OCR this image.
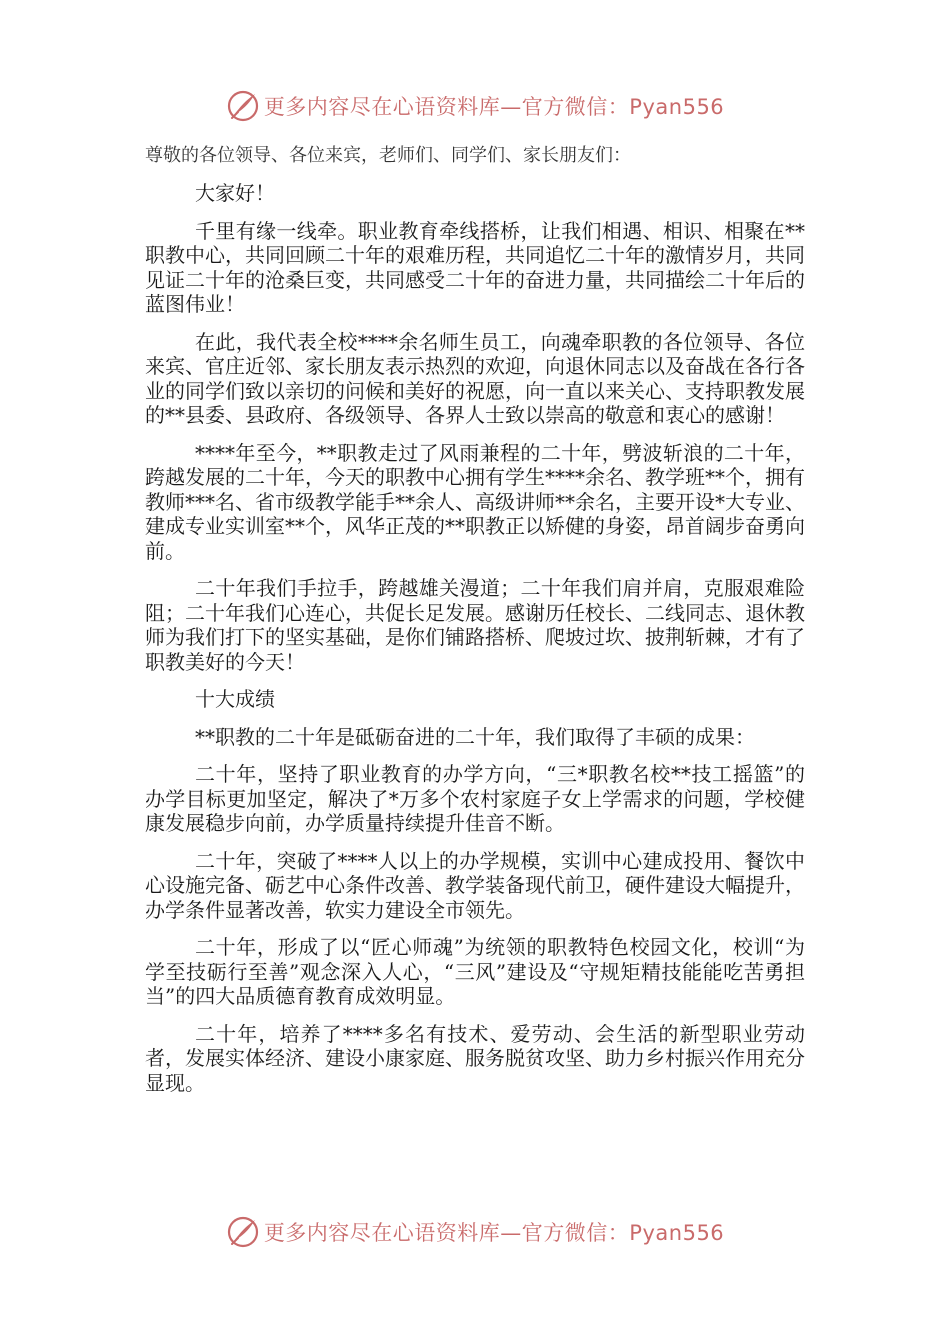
更多内容尽在心语资料库—官方微信：Pyan556
尊敬的各位领导、各位来宾，老师们、同学们、家长朋友们：

大家好！

千里有缘一线牵。职业教育牵线搭桥，让我们相遇、相识、相聚在**职教中心，共同回顾二十年的艰难历程，共同追忆二十年的激情岁月，共同见证二十年的沧桑巨变，共同感受二十年的奋进力量，共同描绘二十年后的蓝图伟业！

在此，我代表全校****余名师生员工，向魂牵职教的各位领导、各位来宾、官庄近邻、家长朋友表示热烈的欢迎，向退休同志以及奋战在各行各业的同学们致以亲切的问候和美好的祝愿，向一直以来关心、支持职教发展的**县委、县政府、各级领导、各界人士致以崇高的敬意和衷心的感谢！

****年至今，**职教走过了风雨兼程的二十年，劈波斩浪的二十年，跨越发展的二十年，今天的职教中心拥有学生****余名、教学班**个，拥有教师***名、省市级教学能手**余人、高级讲师**余名，主要开设*大专业、建成专业实训室**个，风华正茂的**职教正以矫健的身姿，昂首阔步奋勇向前。

二十年我们手拉手，跨越雄关漫道；二十年我们肩并肩，克服艰难险阻；二十年我们心连心，共促长足发展。感谢历任校长、二线同志、退休教师为我们打下的坚实基础，是你们铺路搭桥、爬坡过坎、披荆斩棘，才有了职教美好的今天！

十大成绩

**职教的二十年是砥砺奋进的二十年，我们取得了丰硕的成果：

二十年，坚持了职业教育的办学方向，“三*职教名校**技工摇篮”的办学目标更加坚定，解决了*万多个农村家庭子女上学需求的问题，学校健康发展稳步向前，办学质量持续提升佳音不断。

二十年，突破了****人以上的办学规模，实训中心建成投用、餐饮中心设施完备、砺艺中心条件改善、教学装备现代前卫，硬件建设大幅提升，办学条件显著改善，软实力建设全市领先。

二十年，形成了以“匠心师魂”为统领的职教特色校园文化，校训“为学至技砺行至善”观念深入人心，“三风”建设及“守规矩精技能能吃苦勇担当”的四大品质德育教育成效明显。

二十年，培养了****多名有技术、爱劳动、会生活的新型职业劳动者，发展实体经济、建设小康家庭、服务脱贫攻坚、助力乡村振兴作用充分显现。

更多内容尽在心语资料库—官方微信：Pyan556
